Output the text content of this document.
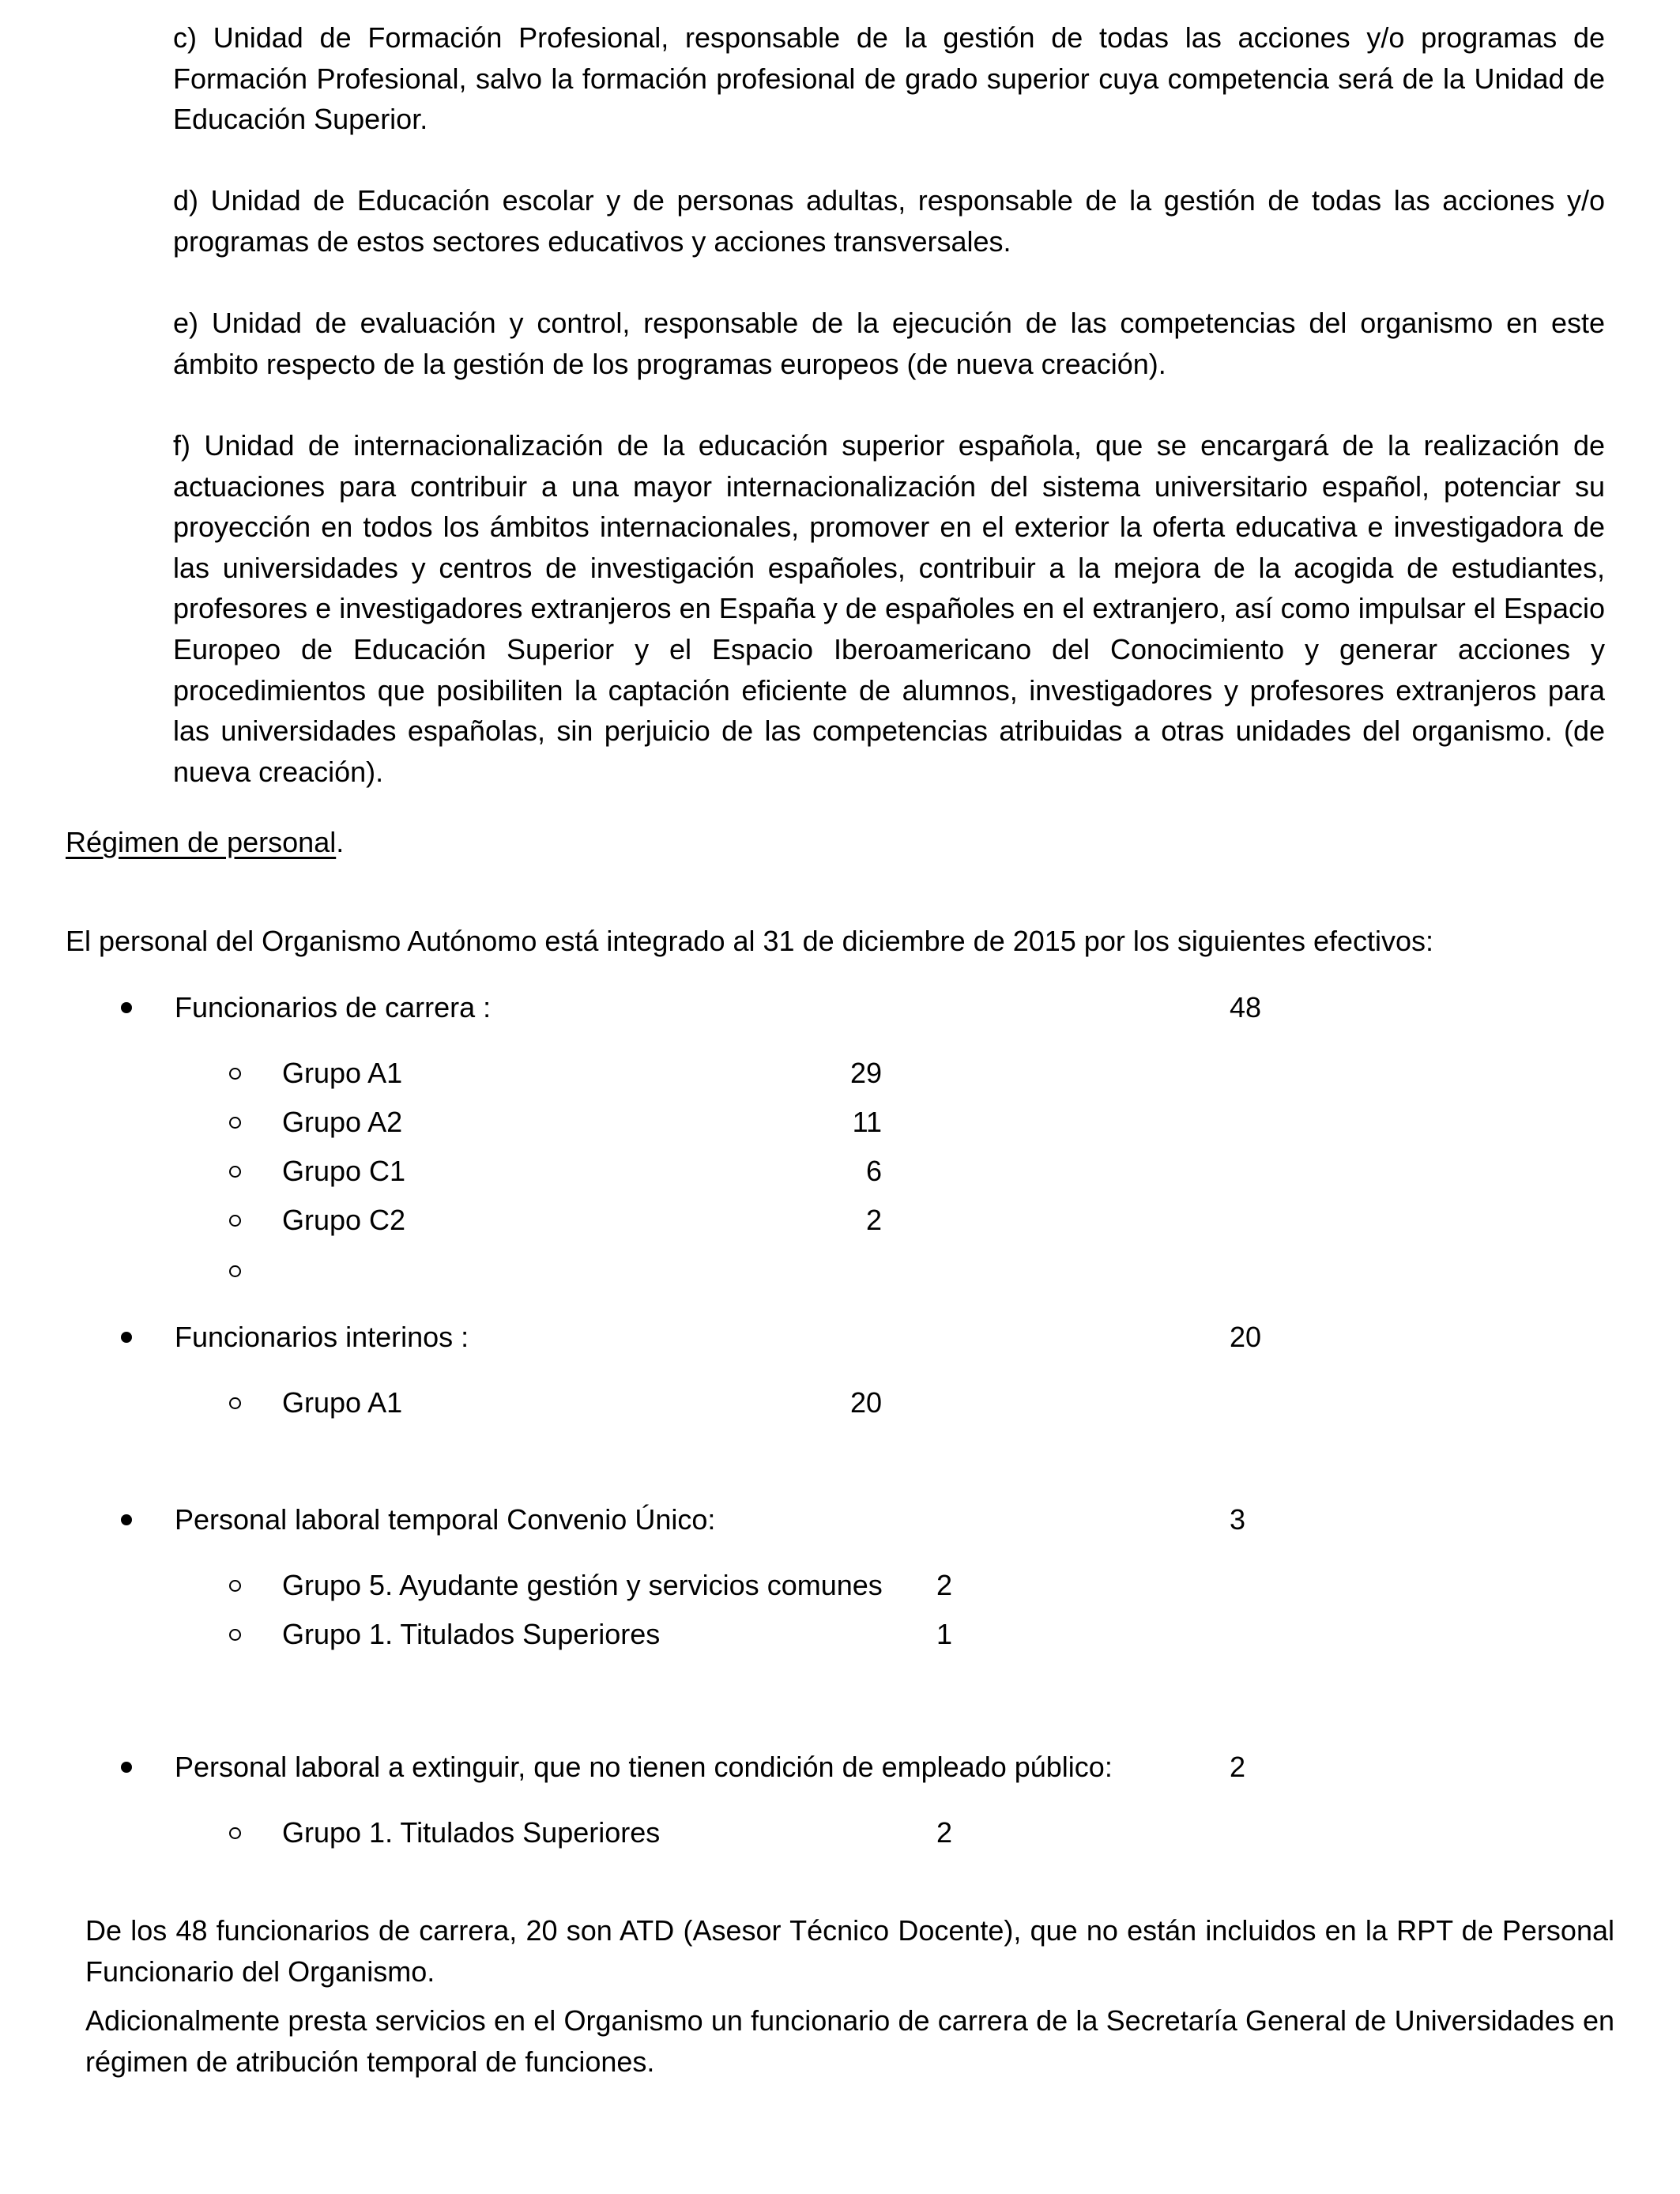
c) Unidad de Formación Profesional, responsable de la gestión de todas las acciones y/o programas de Formación Profesional, salvo la formación profesional de grado superior cuya competencia será de la Unidad de Educación Superior.

d) Unidad de Educación escolar y de personas adultas, responsable de la gestión de todas las acciones y/o programas de estos sectores educativos y acciones transversales.

e) Unidad de evaluación y control, responsable de la ejecución de las competencias del organismo en este ámbito respecto de la gestión de los programas europeos (de nueva creación).

f) Unidad de internacionalización de la educación superior española, que se encargará de la realización de actuaciones para contribuir a una mayor internacionalización del sistema universitario español, potenciar su proyección en todos los ámbitos internacionales, promover en el exterior la oferta educativa e investigadora de las universidades y centros de investigación españoles, contribuir a la mejora de la acogida de estudiantes, profesores e investigadores extranjeros en España y de españoles en el extranjero, así como impulsar el Espacio Europeo de Educación Superior y el Espacio Iberoamericano del Conocimiento y generar acciones y procedimientos que posibiliten la captación eficiente de alumnos, investigadores y profesores extranjeros para las universidades españolas, sin perjuicio de las competencias atribuidas a otras unidades del organismo. (de nueva creación).

Régimen de personal.

El personal del Organismo Autónomo está integrado al 31 de diciembre de 2015 por los siguientes efectivos:

Funcionarios de carrera :	48
Grupo A1	29
Grupo A2	11
Grupo C1	6
Grupo C2	2
Funcionarios interinos :	20
Grupo A1	20
Personal laboral temporal Convenio Único:	3
Grupo 5. Ayudante gestión y servicios comunes 2
Grupo 1. Titulados Superiores	1
Personal laboral a extinguir, que no tienen condición de empleado público:	2
Grupo 1. Titulados Superiores	2

De los 48 funcionarios de carrera, 20 son ATD (Asesor Técnico Docente), que no están incluidos en la RPT de Personal Funcionario del Organismo.

Adicionalmente presta servicios en el Organismo un funcionario de carrera de la Secretaría General de Universidades en régimen de atribución temporal de funciones.
